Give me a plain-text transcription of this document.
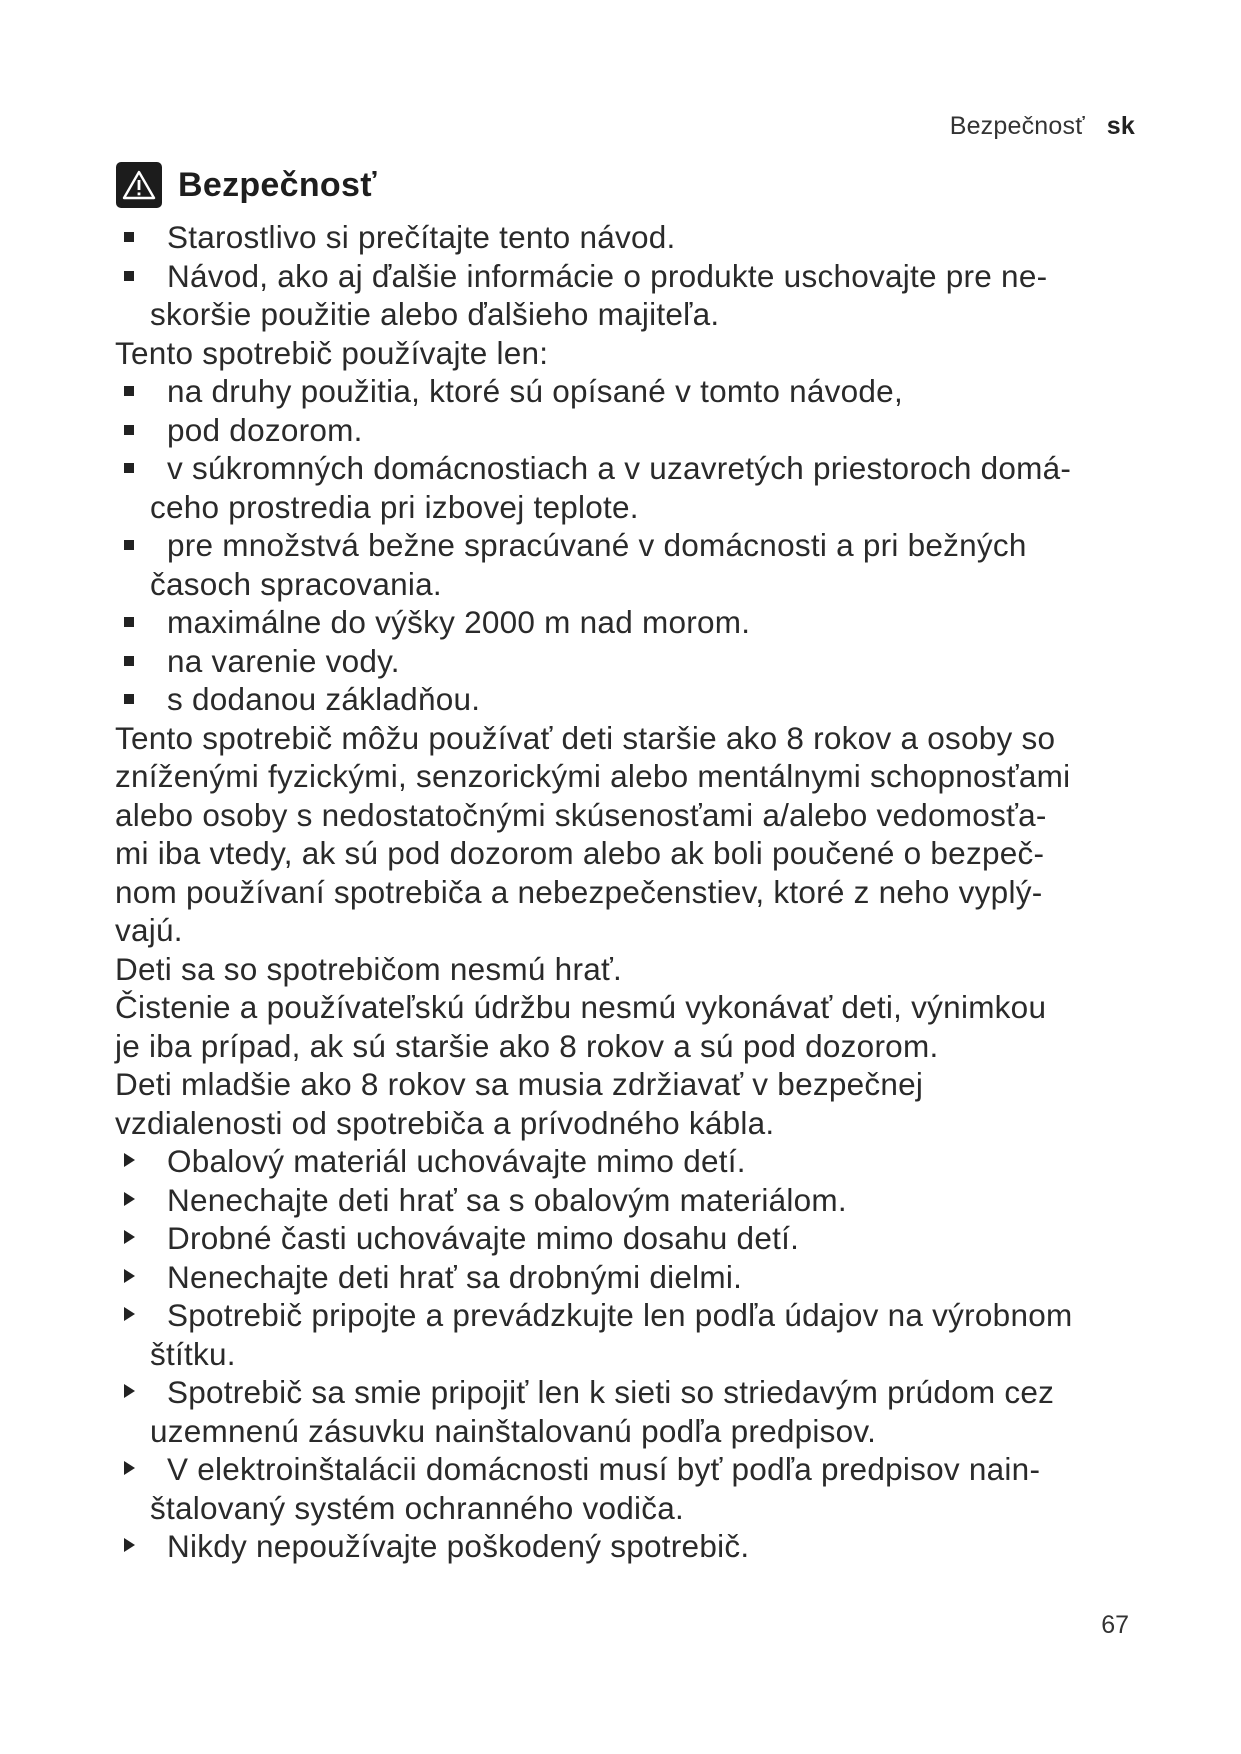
Bezpečnosť sk
Bezpečnosť
Starostlivo si prečítajte tento návod.
Návod, ako aj ďalšie informácie o produkte uschovajte pre ne-
skoršie použitie alebo ďalšieho majiteľa.

Tento spotrebič používajte len:

na druhy použitia, ktoré sú opísané v tomto návode,
pod dozorom.
v súkromných domácnostiach a v uzavretých priestoroch domá-
ceho prostredia pri izbovej teplote.
pre množstvá bežne spracúvané v domácnosti a pri bežných
časoch spracovania.
maximálne do výšky 2000 m nad morom.
na varenie vody.
s dodanou základňou.

Tento spotrebič môžu používať deti staršie ako 8 rokov a osoby so

zníženými fyzickými, senzorickými alebo mentálnymi schopnosťami

alebo osoby s nedostatočnými skúsenosťami a/alebo vedomosťa-

mi iba vtedy, ak sú pod dozorom alebo ak boli poučené o bezpeč-

nom používaní spotrebiča a nebezpečenstiev, ktoré z neho vyplý-

vajú.

Deti sa so spotrebičom nesmú hrať.

Čistenie a používateľskú údržbu nesmú vykonávať deti, výnimkou

je iba prípad, ak sú staršie ako 8 rokov a sú pod dozorom.

Deti mladšie ako 8 rokov sa musia zdržiavať v bezpečnej

vzdialenosti od spotrebiča a prívodného kábla.

Obalový materiál uchovávajte mimo detí.
Nenechajte deti hrať sa s obalovým materiálom.
Drobné časti uchovávajte mimo dosahu detí.
Nenechajte deti hrať sa drobnými dielmi.
Spotrebič pripojte a prevádzkujte len podľa údajov na výrobnom
štítku.
Spotrebič sa smie pripojiť len k sieti so striedavým prúdom cez
uzemnenú zásuvku nainštalovanú podľa predpisov.
V elektroinštalácii domácnosti musí byť podľa predpisov nain-
štalovaný systém ochranného vodiča.
Nikdy nepoužívajte poškodený spotrebič.
67
